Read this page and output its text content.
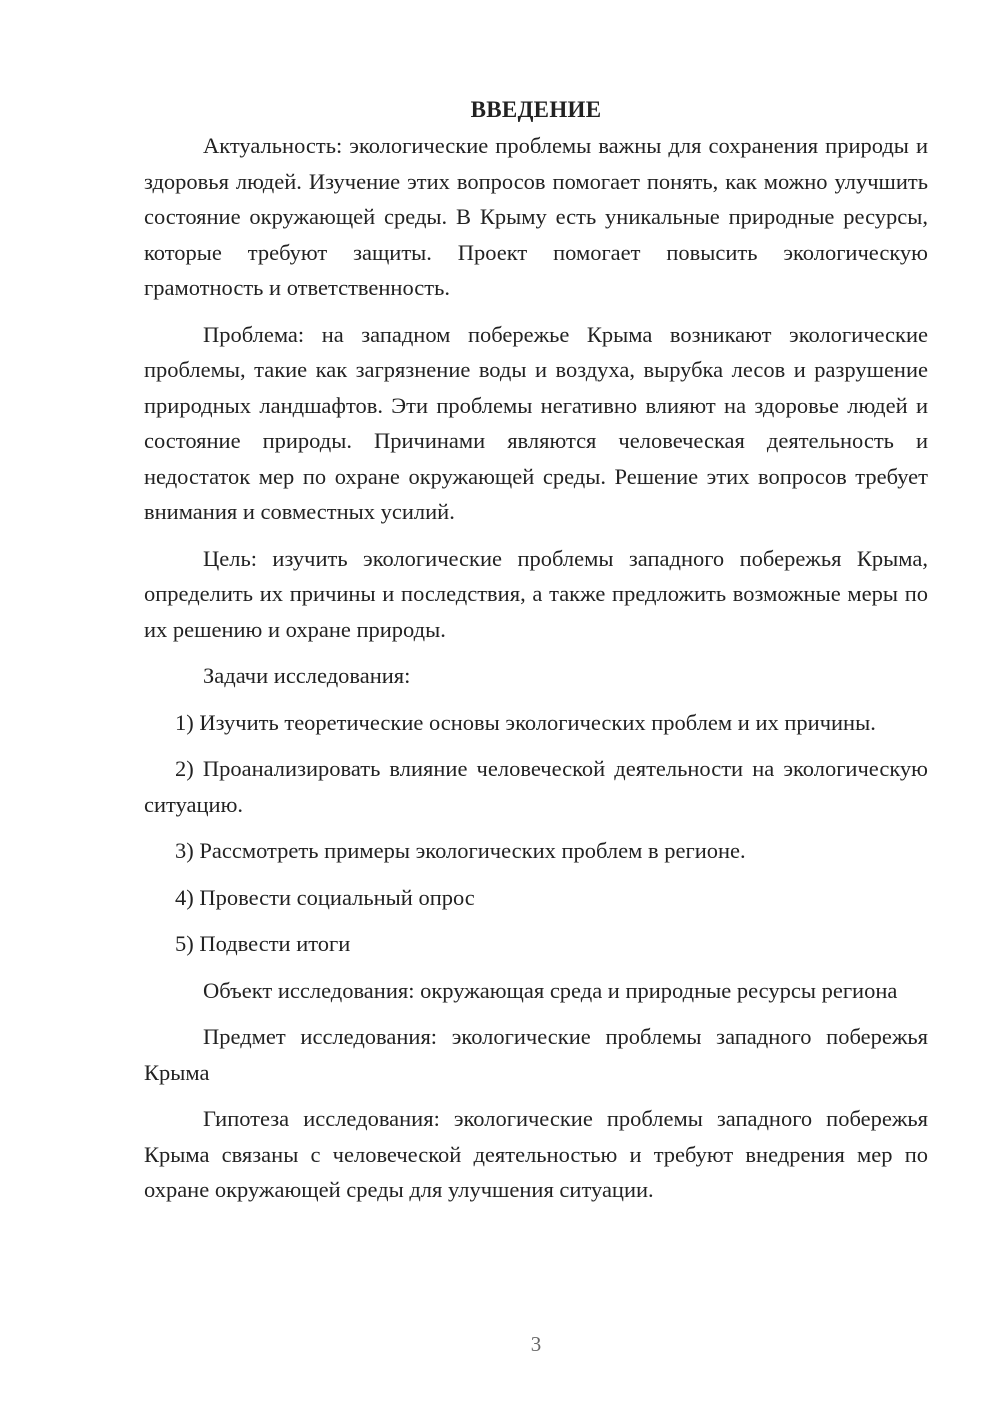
ВВЕДЕНИЕ

Актуальность: экологические проблемы важны для сохранения природы и здоровья людей. Изучение этих вопросов помогает понять, как можно улучшить состояние окружающей среды. В Крыму есть уникальные природные ресурсы, которые требуют защиты. Проект помогает повысить экологическую грамотность и ответственность.

Проблема: на западном побережье Крыма возникают экологические проблемы, такие как загрязнение воды и воздуха, вырубка лесов и разрушение природных ландшафтов. Эти проблемы негативно влияют на здоровье людей и состояние природы. Причинами являются человеческая деятельность и недостаток мер по охране окружающей среды. Решение этих вопросов требует внимания и совместных усилий.

Цель: изучить экологические проблемы западного побережья Крыма, определить их причины и последствия, а также предложить возможные меры по их решению и охране природы.

Задачи исследования:

1) Изучить теоретические основы экологических проблем и их причины.

2) Проанализировать влияние человеческой деятельности на экологическую ситуацию.

3) Рассмотреть примеры экологических проблем в регионе.

4) Провести социальный опрос

5) Подвести итоги

Объект исследования: окружающая среда и природные ресурсы региона

Предмет исследования: экологические проблемы западного побережья Крыма

Гипотеза исследования: экологические проблемы западного побережья Крыма связаны с человеческой деятельностью и требуют внедрения мер по охране окружающей среды для улучшения ситуации.

3
